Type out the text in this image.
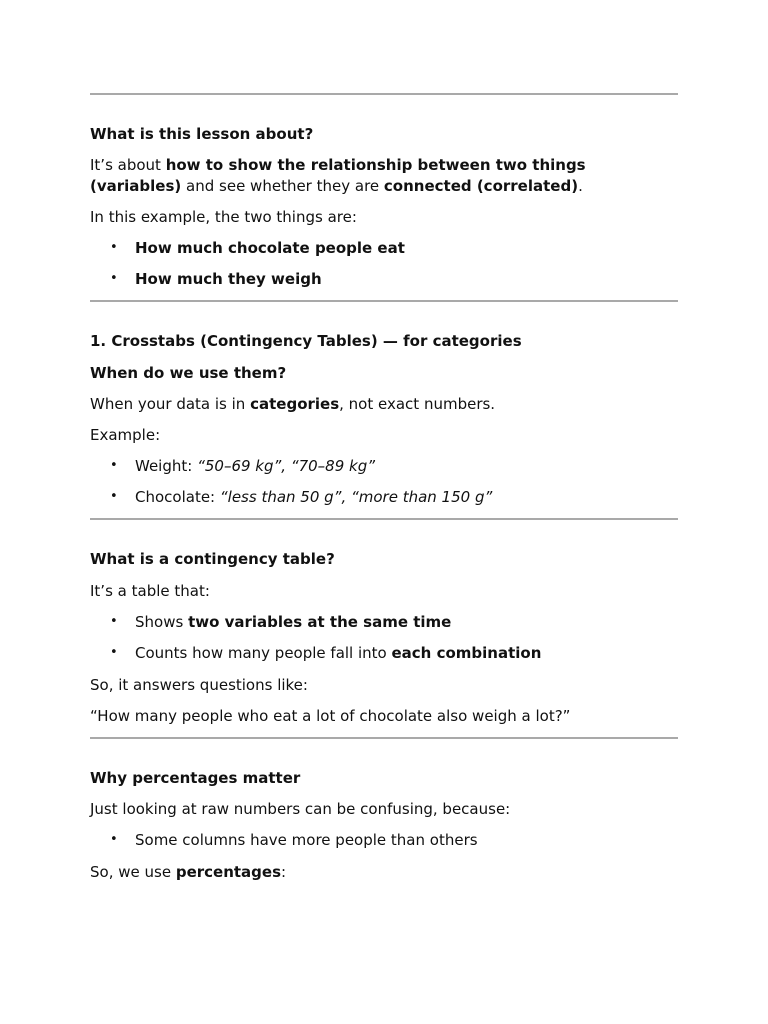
What is this lesson about?
It’s about how to show the relationship between two things
(variables) and see whether they are connected (correlated).
In this example, the two things are:
• How much chocolate people eat
• How much they weigh
1. Crosstabs (Contingency Tables) — for categories
When do we use them?
When your data is in categories, not exact numbers.
Example:
• Weight: “50–69 kg”, “70–89 kg”
• Chocolate: “less than 50 g”, “more than 150 g”
What is a contingency table?
It’s a table that:
• Shows two variables at the same time
• Counts how many people fall into each combination
So, it answers questions like:
“How many people who eat a lot of chocolate also weigh a lot?”
Why percentages matter
Just looking at raw numbers can be confusing, because:
• Some columns have more people than others
So, we use percentages:
